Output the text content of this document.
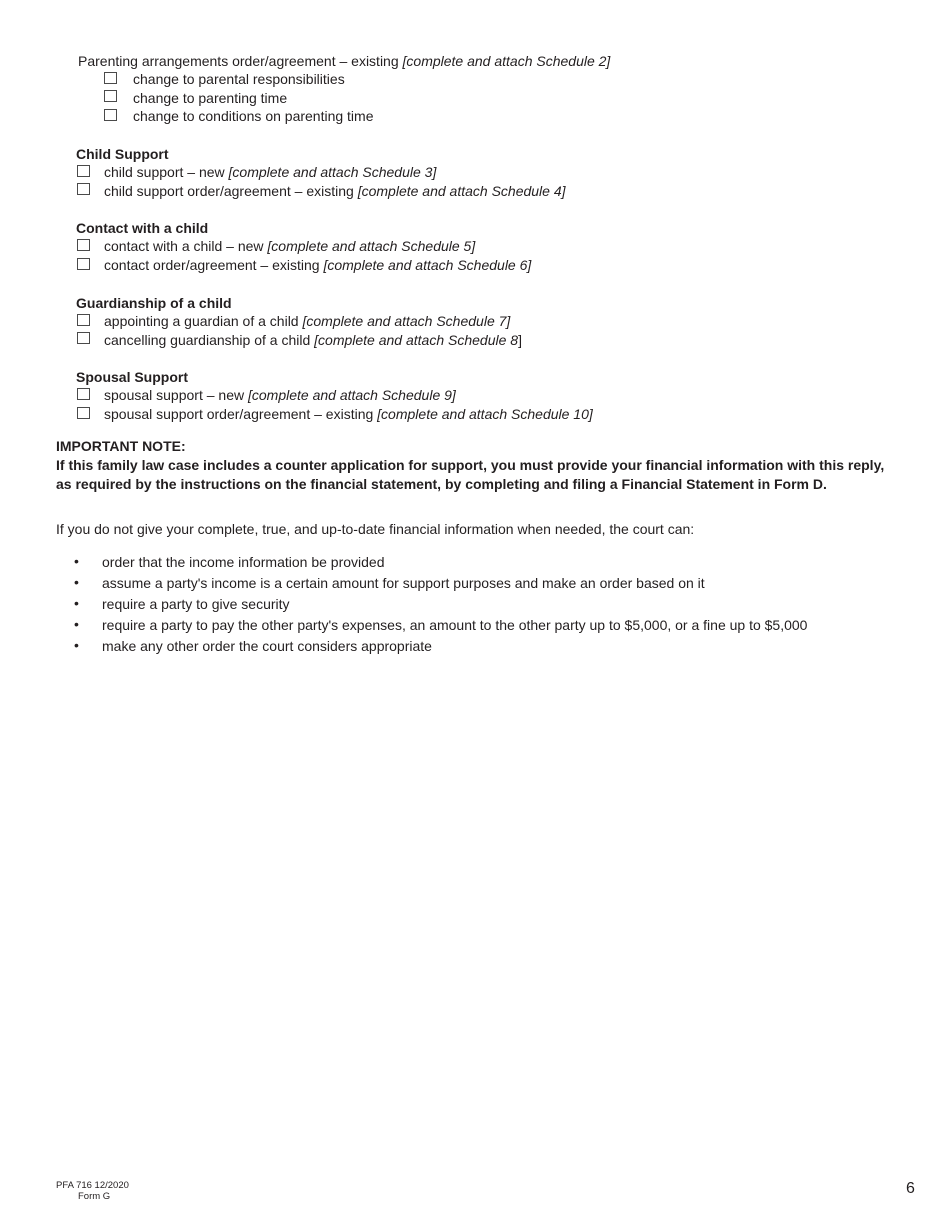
Parenting arrangements order/agreement – existing [complete and attach Schedule 2]
change to parental responsibilities
change to parenting time
change to conditions on parenting time
Child Support
child support – new [complete and attach Schedule 3]
child support order/agreement – existing [complete and attach Schedule 4]
Contact with a child
contact with a child – new [complete and attach Schedule 5]
contact order/agreement – existing [complete and attach Schedule 6]
Guardianship of a child
appointing a guardian of a child [complete and attach Schedule 7]
cancelling guardianship of a child [complete and attach Schedule 8]
Spousal Support
spousal support – new [complete and attach Schedule 9]
spousal support order/agreement – existing [complete and attach Schedule 10]
IMPORTANT NOTE:
If this family law case includes a counter application for support, you must provide your financial information with this reply,
as required by the instructions on the financial statement, by completing and filing a Financial Statement in Form D.
If you do not give your complete, true, and up-to-date financial information when needed, the court can:
• order that the income information be provided
• assume a party's income is a certain amount for support purposes and make an order based on it
• require a party to give security
• require a party to pay the other party's expenses, an amount to the other party up to $5,000, or a fine up to $5,000
• make any other order the court considers appropriate
PFA 716 12/2020
Form G	6
